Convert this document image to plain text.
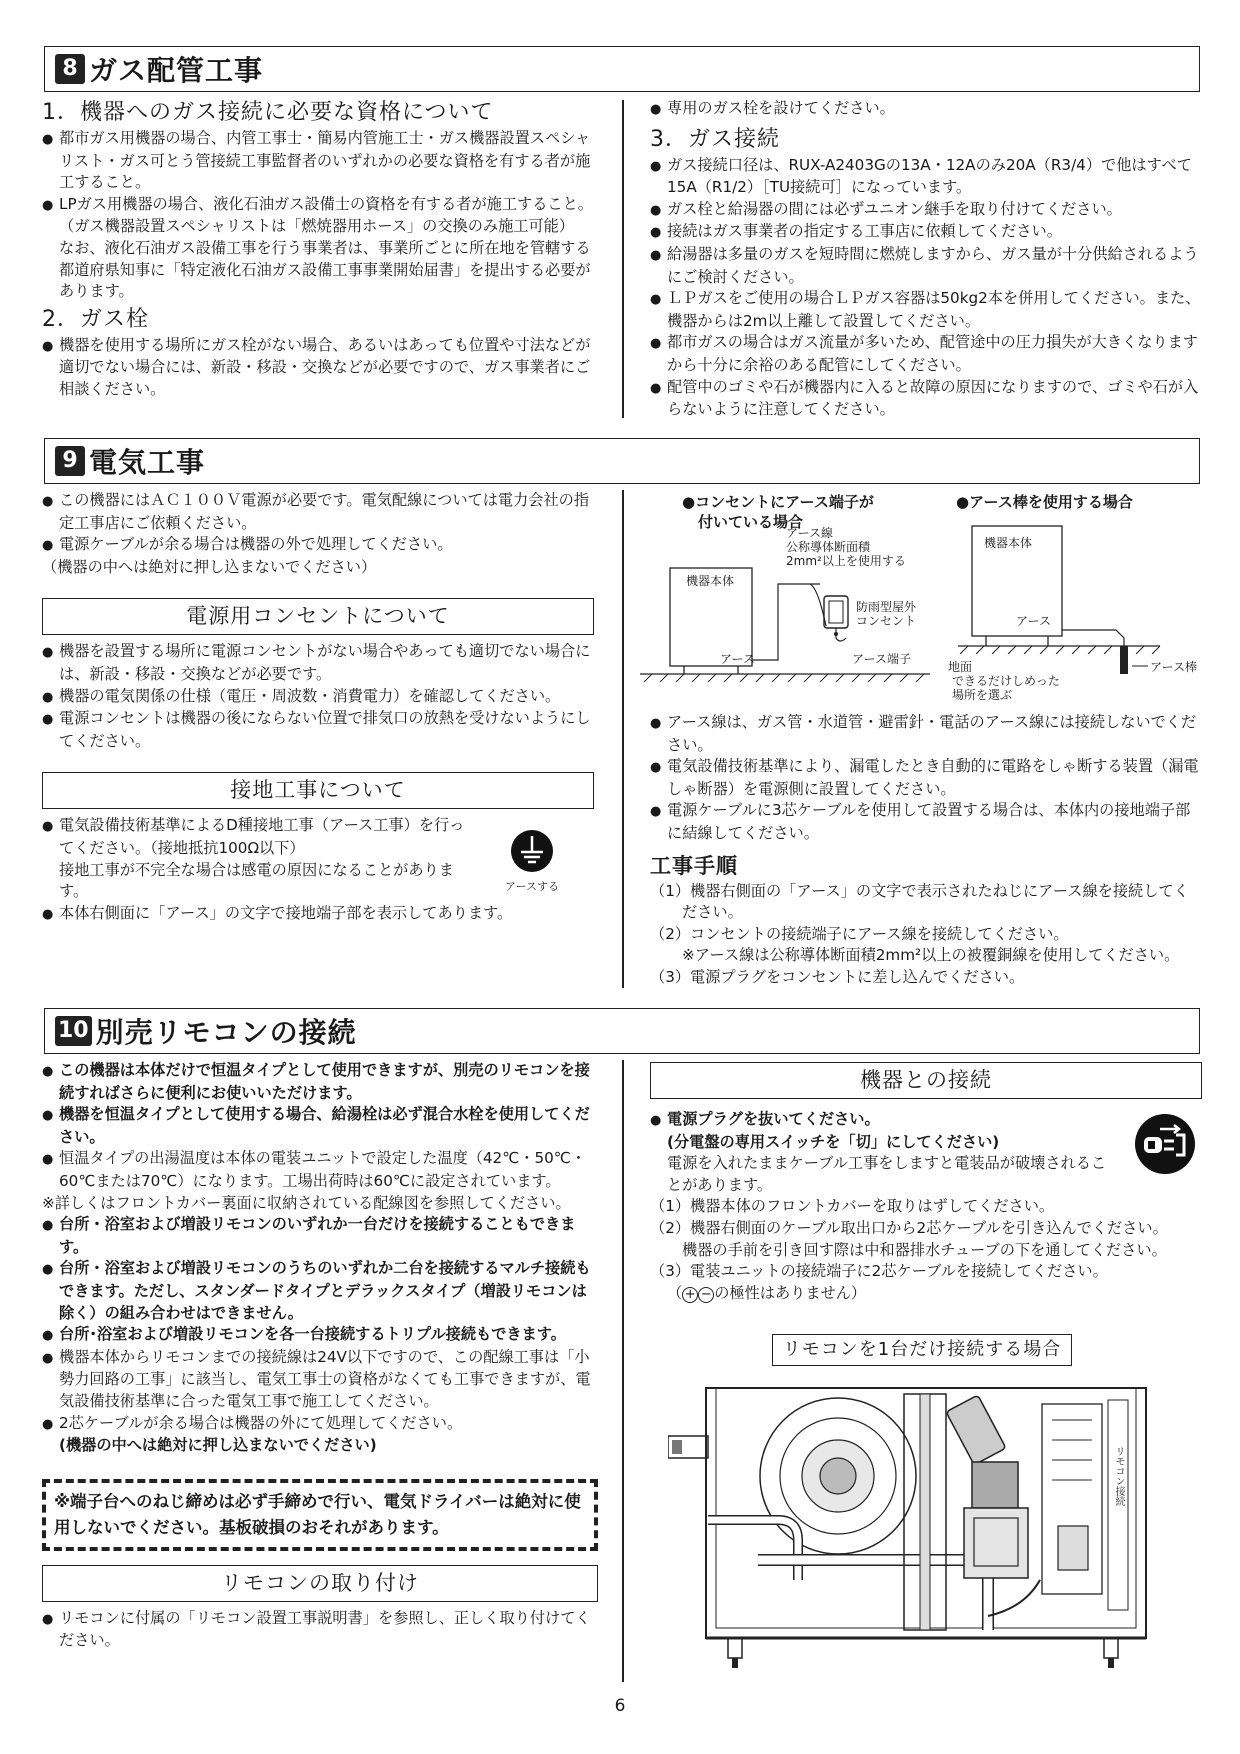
8 ガス配管工事
1．機器へのガス接続に必要な資格について
● 都市ガス用機器の場合、内管工事士・簡易内管施工士・ガス機器設置スペシャリスト・ガス可とう管接続工事監督者のいずれかの必要な資格を有する者が施工すること。
● LPガス用機器の場合、液化石油ガス設備士の資格を有する者が施工すること。（ガス機器設置スペシャリストは「燃焼器用ホース」の交換のみ施工可能）
なお、液化石油ガス設備工事を行う事業者は、事業所ごとに所在地を管轄する都道府県知事に「特定液化石油ガス設備工事事業開始届書」を提出する必要があります。
2．ガス栓
● 機器を使用する場所にガス栓がない場合、あるいはあっても位置や寸法などが適切でない場合には、新設・移設・交換などが必要ですので、ガス事業者にご相談ください。
● 専用のガス栓を設けてください。
3．ガス接続
● ガス接続口径は、RUX-A2403Gの13A・12Aのみ20A（R3/4）で他はすべて15A（R1/2）［TU接続可］になっています。
● ガス栓と給湯器の間には必ずユニオン継手を取り付けてください。
● 接続はガス事業者の指定する工事店に依頼してください。
● 給湯器は多量のガスを短時間に燃焼しますから、ガス量が十分供給されるようにご検討ください。
● ＬＰガスをご使用の場合ＬＰガス容器は50kg2本を併用してください。また、機器からは2m以上離して設置してください。
● 都市ガスの場合はガス流量が多いため、配管途中の圧力損失が大きくなりますから十分に余裕のある配管にしてください。
● 配管中のゴミや石が機器内に入ると故障の原因になりますので、ゴミや石が入らないように注意してください。
9 電気工事
● この機器にはＡＣ１００Ｖ電源が必要です。電気配線については電力会社の指定工事店にご依頼ください。
● 電源ケーブルが余る場合は機器の外で処理してください。
（機器の中へは絶対に押し込まないでください）
電源用コンセントについて
● 機器を設置する場所に電源コンセントがない場合やあっても適切でない場合には、新設・移設・交換などが必要です。
● 機器の電気関係の仕様（電圧・周波数・消費電力）を確認してください。
● 電源コンセントは機器の後にならない位置で排気口の放熱を受けないようにしてください。
接地工事について
● 電気設備技術基準によるD種接地工事（アース工事）を行ってください。（接地抵抗100Ω以下）
接地工事が不完全な場合は感電の原因になることがあります。	アースする
● 本体右側面に「アース」の文字で接地端子部を表示してあります。
●コンセントにアース端子が
付いている場合
●アース棒を使用する場合
機器本体
アース線
公称導体断面積
2mm²以上を使用する
防雨型屋外
コンセント
アース	アース端子
機器本体
アース
地面
できるだけしめった
場所を選ぶ
アース棒
● アース線は、ガス管・水道管・避雷針・電話のアース線には接続しないでください。
● 電気設備技術基準により、漏電したとき自動的に電路をしゃ断する装置（漏電しゃ断器）を電源側に設置してください。
● 電源ケーブルに3芯ケーブルを使用して設置する場合は、本体内の接地端子部に結線してください。
工事手順
（1）機器右側面の「アース」の文字で表示されたねじにアース線を接続してください。
（2）コンセントの接続端子にアース線を接続してください。
※アース線は公称導体断面積2mm²以上の被覆銅線を使用してください。
（3）電源プラグをコンセントに差し込んでください。
10 別売リモコンの接続
● この機器は本体だけで恒温タイプとして使用できますが、別売のリモコンを接続すればさらに便利にお使いいただけます。
● 機器を恒温タイプとして使用する場合、給湯栓は必ず混合水栓を使用してください。
● 恒温タイプの出湯温度は本体の電装ユニットで設定した温度（42℃・50℃・60℃または70℃）になります。工場出荷時は60℃に設定されています。
※詳しくはフロントカバー裏面に収納されている配線図を参照してください。
● 台所・浴室および増設リモコンのいずれか一台だけを接続することもできます。
● 台所・浴室および増設リモコンのうちのいずれか二台を接続するマルチ接続もできます。ただし、スタンダードタイプとデラックスタイプ（増設リモコンは除く）の組み合わせはできません。
● 台所･浴室および増設リモコンを各一台接続するトリプル接続もできます。
● 機器本体からリモコンまでの接続線は24V以下ですので、この配線工事は「小勢力回路の工事」に該当し、電気工事士の資格がなくても工事できますが、電気設備技術基準に合った電気工事で施工してください。
● 2芯ケーブルが余る場合は機器の外にて処理してください。
(機器の中へは絶対に押し込まないでください)
※端子台へのねじ締めは必ず手締めで行い、電気ドライバーは絶対に使用しないでください。基板破損のおそれがあります。
リモコンの取り付け
● リモコンに付属の「リモコン設置工事説明書」を参照し、正しく取り付けてください。
機器との接続
● 電源プラグを抜いてください。
(分電盤の専用スイッチを「切」にしてください)
電源を入れたままケーブル工事をしますと電装品が破壊されることがあります。
（1）機器本体のフロントカバーを取りはずしてください。
（2）機器右側面のケーブル取出口から2芯ケーブルを引き込んでください。
機器の手前を引き回す際は中和器排水チューブの下を通してください。
（3）電装ユニットの接続端子に2芯ケーブルを接続してください。
（ + − の極性はありません）
リモコンを1台だけ接続する場合
リモコン接続
6
